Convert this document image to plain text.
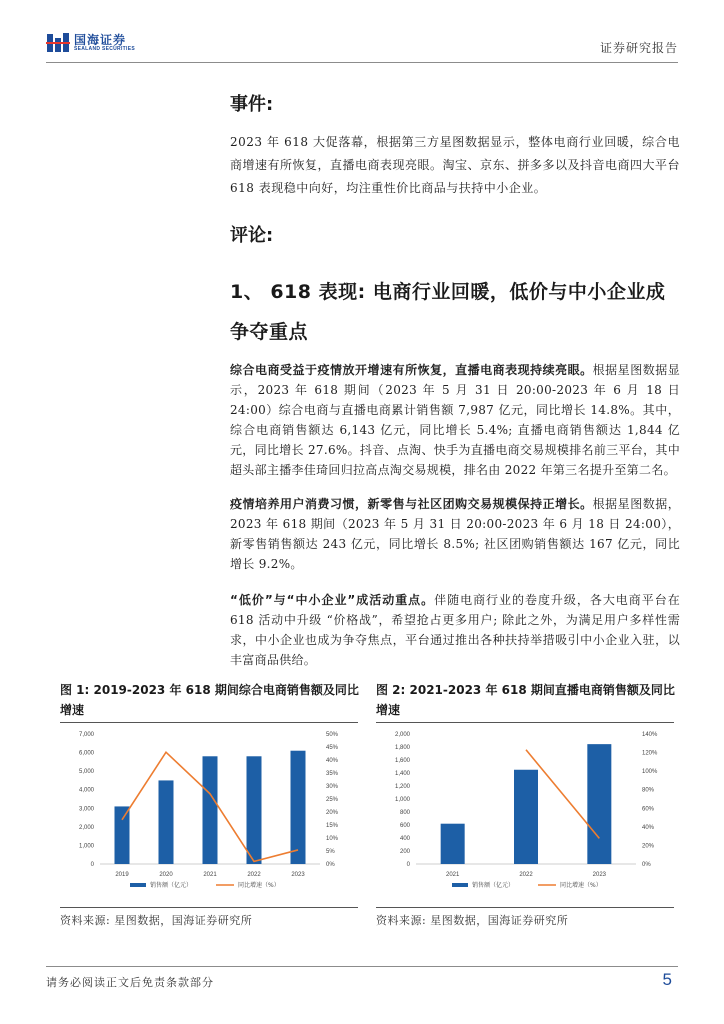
国海证券
SEALAND SECURITIES	证券研究报告
事件:
2023 年 618 大促落幕，根据第三方星图数据显示，整体电商行业回暖，综合电商增速有所恢复，直播电商表现亮眼。淘宝、京东、拼多多以及抖音电商四大平台 618 表现稳中向好，均注重性价比商品与扶持中小企业。
评论:
1、 618 表现: 电商行业回暖，低价与中小企业成争夺重点
综合电商受益于疫情放开增速有所恢复，直播电商表现持续亮眼。根据星图数据显示，2023 年 618 期间（2023 年 5 月 31 日 20:00-2023 年 6 月 18 日 24:00）综合电商与直播电商累计销售额 7,987 亿元，同比增长 14.8%。其中，综合电商销售额达 6,143 亿元，同比增长 5.4%; 直播电商销售额达 1,844 亿元，同比增长 27.6%。抖音、点淘、快手为直播电商交易规模排名前三平台，其中超头部主播李佳琦回归拉高点淘交易规模，排名由 2022 年第三名提升至第二名。
疫情培养用户消费习惯，新零售与社区团购交易规模保持正增长。根据星图数据，2023 年 618 期间（2023 年 5 月 31 日 20:00-2023 年 6 月 18 日 24:00），新零售销售额达 243 亿元，同比增长 8.5%; 社区团购销售额达 167 亿元，同比增长 9.2%。
“低价”与“中小企业”成活动重点。伴随电商行业的卷度升级，各大电商平台在 618 活动中升级 “价格战”，希望抢占更多用户; 除此之外，为满足用户多样性需求，中小企业也成为争夺焦点，平台通过推出各种扶持举措吸引中小企业入驻，以丰富商品供给。
图 1: 2019-2023 年 618 期间综合电商销售额及同比增速
图 2: 2021-2023 年 618 期间直播电商销售额及同比增速
0
1,000
2,000
3,000
4,000
5,000
6,000
7,000
0%
5%
10%
15%
20%
25%
30%
35%
40%
45%
50%
2019	2020	2021	2022	2023
销售额（亿元）	同比增速（%）
0
200
400
600
800
1,000
1,200
1,400
1,600
1,800
2,000
0%
20%
40%
60%
80%
100%
120%
140%
2021	2022	2023
销售额（亿元）	同比增速（%）
资料来源: 星图数据，国海证券研究所	资料来源: 星图数据，国海证券研究所
请务必阅读正文后免责条款部分	5
